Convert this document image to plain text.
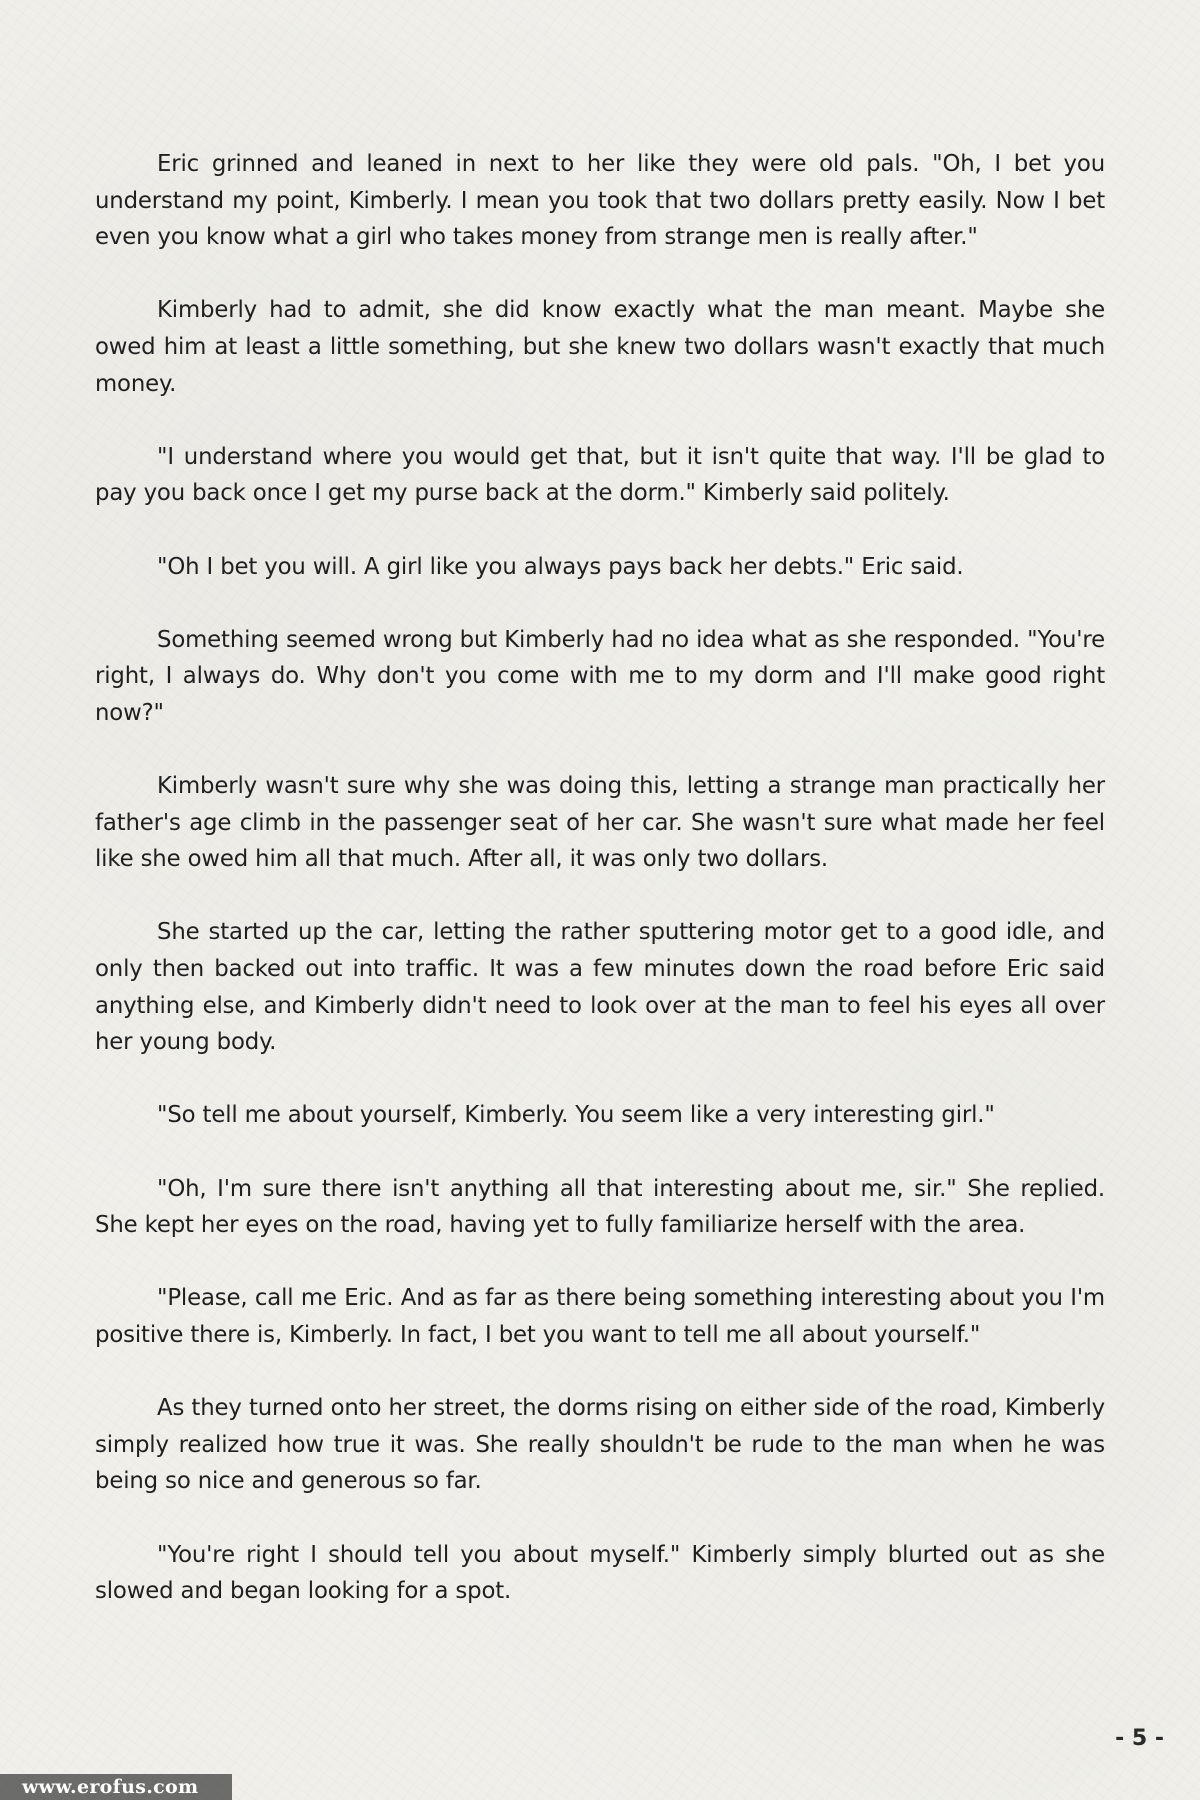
Eric grinned and leaned in next to her like they were old pals. "Oh, I bet you understand my point, Kimberly. I mean you took that two dollars pretty easily. Now I bet even you know what a girl who takes money from strange men is really after."

Kimberly had to admit, she did know exactly what the man meant. Maybe she owed him at least a little something, but she knew two dollars wasn't exactly that much money.

"I understand where you would get that, but it isn't quite that way. I'll be glad to pay you back once I get my purse back at the dorm." Kimberly said politely.

"Oh I bet you will. A girl like you always pays back her debts." Eric said.

Something seemed wrong but Kimberly had no idea what as she responded. "You're right, I always do. Why don't you come with me to my dorm and I'll make good right now?"

Kimberly wasn't sure why she was doing this, letting a strange man practically her father's age climb in the passenger seat of her car. She wasn't sure what made her feel like she owed him all that much. After all, it was only two dollars.

She started up the car, letting the rather sputtering motor get to a good idle, and only then backed out into traffic. It was a few minutes down the road before Eric said anything else, and Kimberly didn't need to look over at the man to feel his eyes all over her young body.

"So tell me about yourself, Kimberly. You seem like a very interesting girl."

"Oh, I'm sure there isn't anything all that interesting about me, sir." She replied. She kept her eyes on the road, having yet to fully familiarize herself with the area.

"Please, call me Eric. And as far as there being something interesting about you I'm positive there is, Kimberly. In fact, I bet you want to tell me all about yourself."

As they turned onto her street, the dorms rising on either side of the road, Kimberly simply realized how true it was. She really shouldn't be rude to the man when he was being so nice and generous so far.

"You're right I should tell you about myself." Kimberly simply blurted out as she slowed and began looking for a spot.

- 5 -
www.erofus.com
